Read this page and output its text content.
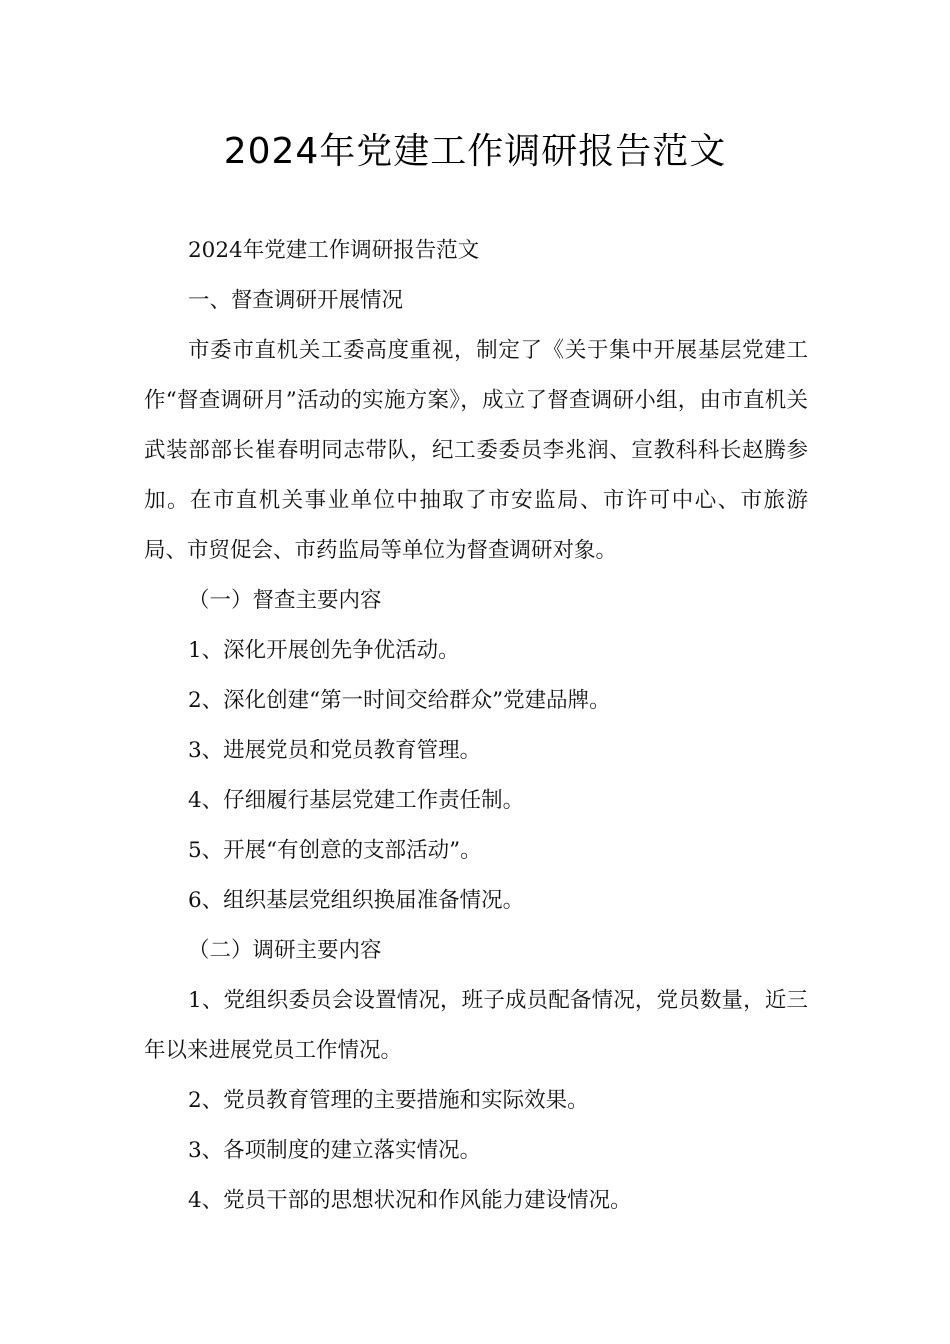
2024年党建工作调研报告范文

2024年党建工作调研报告范文

一、督查调研开展情况

市委市直机关工委高度重视，制定了《关于集中开展基层党建工作“督查调研月”活动的实施方案》，成立了督查调研小组，由市直机关武装部部长崔春明同志带队，纪工委委员李兆润、宣教科科长赵腾参加。在市直机关事业单位中抽取了市安监局、市许可中心、市旅游局、市贸促会、市药监局等单位为督查调研对象。

（一）督查主要内容

1、深化开展创先争优活动。

2、深化创建“第一时间交给群众”党建品牌。

3、进展党员和党员教育管理。

4、仔细履行基层党建工作责任制。

5、开展“有创意的支部活动”。

6、组织基层党组织换届准备情况。

（二）调研主要内容

1、党组织委员会设置情况，班子成员配备情况，党员数量，近三年以来进展党员工作情况。

2、党员教育管理的主要措施和实际效果。

3、各项制度的建立落实情况。

4、党员干部的思想状况和作风能力建设情况。
